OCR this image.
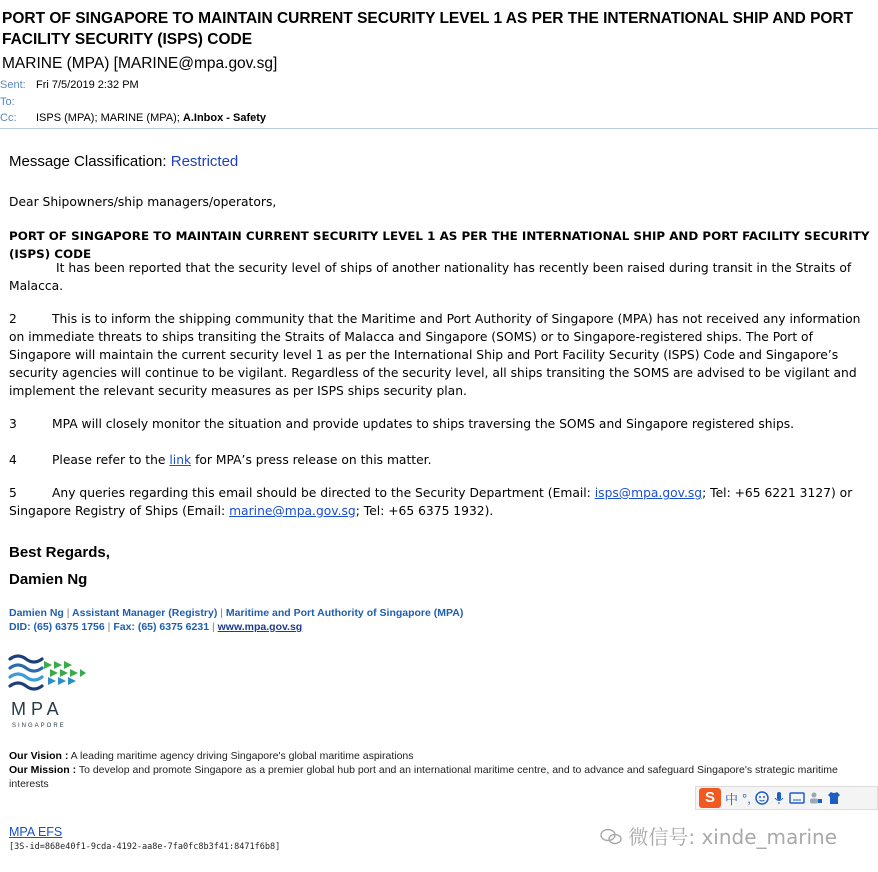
PORT OF SINGAPORE TO MAINTAIN CURRENT SECURITY LEVEL 1 AS PER THE INTERNATIONAL SHIP AND PORT FACILITY SECURITY (ISPS) CODE
MARINE (MPA) [MARINE@mpa.gov.sg]
Sent: Fri 7/5/2019 2:32 PM
To:
Cc: ISPS (MPA); MARINE (MPA); A.Inbox - Safety
Message Classification: Restricted
Dear Shipowners/ship managers/operators,
PORT OF SINGAPORE TO MAINTAIN CURRENT SECURITY LEVEL 1 AS PER THE INTERNATIONAL SHIP AND PORT FACILITY SECURITY (ISPS) CODE
It has been reported that the security level of ships of another nationality has recently been raised during transit in the Straits of Malacca.
2	This is to inform the shipping community that the Maritime and Port Authority of Singapore (MPA) has not received any information on immediate threats to ships transiting the Straits of Malacca and Singapore (SOMS) or to Singapore-registered ships. The Port of Singapore will maintain the current security level 1 as per the International Ship and Port Facility Security (ISPS) Code and Singapore’s security agencies will continue to be vigilant. Regardless of the security level, all ships transiting the SOMS are advised to be vigilant and implement the relevant security measures as per ISPS ships security plan.
3	MPA will closely monitor the situation and provide updates to ships traversing the SOMS and Singapore registered ships.
4	Please refer to the link for MPA’s press release on this matter.
5	Any queries regarding this email should be directed to the Security Department (Email: isps@mpa.gov.sg; Tel: +65 6221 3127) or Singapore Registry of Ships (Email: marine@mpa.gov.sg; Tel: +65 6375 1932).
Best Regards,
Damien Ng
Damien Ng | Assistant Manager (Registry) | Maritime and Port Authority of Singapore (MPA)
DID: (65) 6375 1756 | Fax: (65) 6375 6231 | www.mpa.gov.sg
MPA
SINGAPORE
Our Vision : A leading maritime agency driving Singapore's global maritime aspirations
Our Mission : To develop and promote Singapore as a premier global hub port and an international maritime centre, and to advance and safeguard Singapore's strategic maritime interests
S 中 °,
MPA EFS
[3S-id=868e40f1-9cda-4192-aa8e-7fa0fc8b3f41:8471f6b8]	微信号: xinde_marine
